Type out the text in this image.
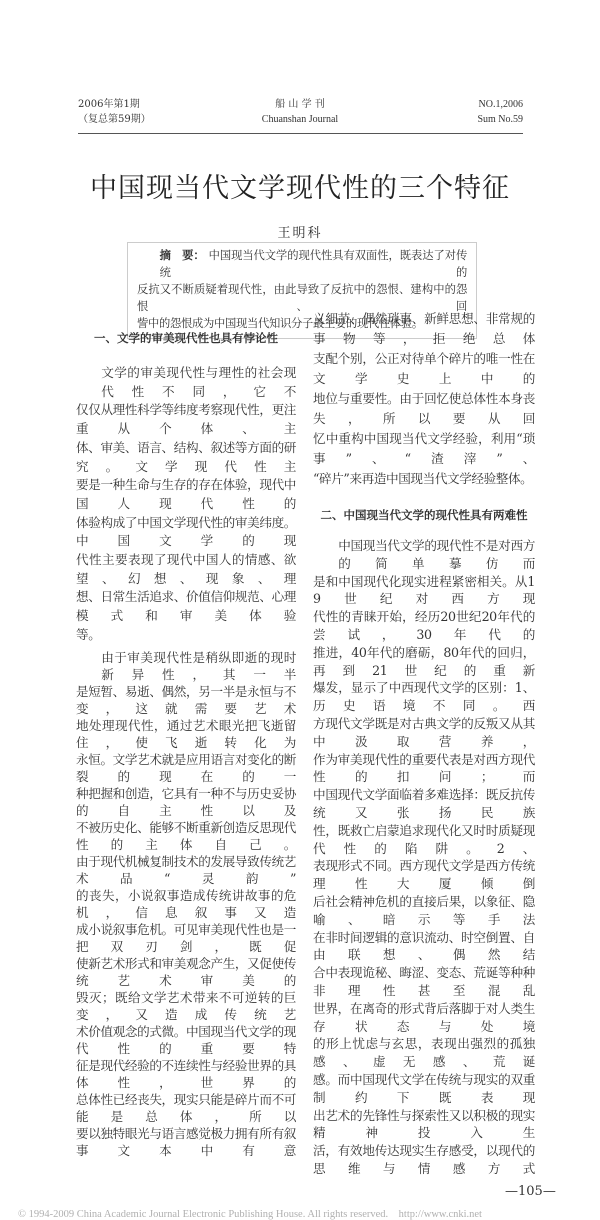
2006年第1期
（复总第59期）
船 山 学 刊
Chuanshan Journal
NO.1,2006
Sum No.59
中国现当代文学现代性的三个特征
王明科
摘　要： 中国现当代文学的现代性具有双面性，既表达了对传统的
反抗又不断质疑着现代性，由此导致了反抗中的怨恨、建构中的怨恨、回
訾中的怨恨成为中国现当代知识分子最主要的现代性体验。
一、文学的审美现代性也具有悖论性
文学的审美现代性与理性的社会现代性不同，它不
仅仅从理性科学等纬度考察现代性，更注重从个体、主
体、审美、语言、结构、叙述等方面的研究。文学现代性主
要是一种生命与生存的存在体验，现代中国人现代性的
体验构成了中国文学现代性的审美纬度。中国文学的现
代性主要表现了现代中国人的情感、欲望、幻想、现象、理
想、日常生活追求、价值信仰规范、心理模式和审美体验
等。
由于审美现代性是稍纵即逝的现时新异性，其一半
是短暂、易逝、偶然，另一半是永恒与不变，这就需要艺术
地处理现代性，通过艺术眼光把飞逝留住，使飞逝转化为
永恒。文学艺术就是应用语言对变化的断裂的现在的一
种把握和创造，它具有一种不与历史妥协的自主性以及
不被历史化、能够不断重新创造反思现代性的主体自己。
由于现代机械复制技术的发展导致传统艺术品“灵韵”
的丧失，小说叙事造成传统讲故事的危机，信息叙事又造
成小说叙事危机。可见审美现代性也是一把双刃剑，既促
使新艺术形式和审美观念产生，又促使传统艺术审美的
毁灭；既给文学艺术带来不可逆转的巨变，又造成传统艺
术价值观念的式微。中国现当代文学的现代性的重要特
征是现代经验的不连续性与经验世界的具体性，世界的
总体性已经丧失，现实只能是碎片而不可能是总体，所以
要以独特眼光与语言感觉极力拥有所有叙事文本中有意
义细节、偶然琐事、新鲜思想、非常规的事物等，拒绝总体
支配个别，公正对待单个碎片的唯一性在文学史上中的
地位与重要性。由于回忆使总体性本身丧失，所以要从回
忆中重构中国现当代文学经验，利用“琐事”、“渣滓”、
“碎片”来再造中国现当代文学经验整体。
二、中国现当代文学的现代性具有两难性
中国现当代文学的现代性不是对西方的简单摹仿而
是和中国现代化现实进程紧密相关。从19世纪对西方现
代性的青睐开始，经历20世纪20年代的尝试，30年代的
推进，40年代的磨砺，80年代的回归，再到21世纪的重新
爆发，显示了中西现代文学的区别：1、历史语境不同。西
方现代文学既是对古典文学的反叛又从其中汲取营养，
作为审美现代性的重要代表是对西方现代性的扣问；而
中国现代文学面临着多难选择：既反抗传统又张扬民族
性，既救亡启蒙追求现代化又时时质疑现代性的陷阱。2、
表现形式不同。西方现代文学是西方传统理性大厦倾倒
后社会精神危机的直接后果，以象征、隐喻、暗示等手法
在非时间逻辑的意识流动、时空倒置、自由联想、偶然结
合中表现诡秘、晦涩、变态、荒诞等种种非理性甚至混乱
世界，在离奇的形式背后落脚于对人类生存状态与处境
的形上忧虑与玄思，表现出强烈的孤独感、虚无感、荒诞
感。而中国现代文学在传统与现实的双重制约下既表现
出艺术的先锋性与探索性又以积极的现实精神投入生
活，有效地传达现实生存感受，以现代的思维与情感方式
—105—
© 1994-2009 China Academic Journal Electronic Publishing House. All rights reserved.    http://www.cnki.net
